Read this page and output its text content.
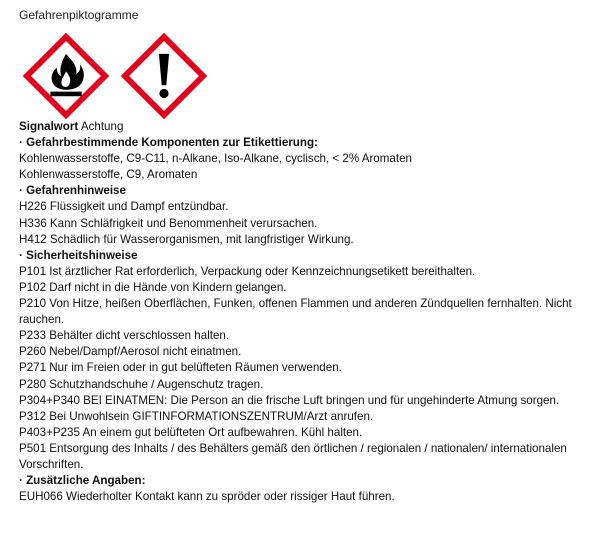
Gefahrenpiktogramme
Signalwort Achtung
· Gefahrbestimmende Komponenten zur Etikettierung:
Kohlenwasserstoffe, C9-C11, n-Alkane, Iso-Alkane, cyclisch, < 2% Aromaten
Kohlenwasserstoffe, C9, Aromaten
· Gefahrenhinweise
H226 Flüssigkeit und Dampf entzündbar.
H336 Kann Schläfrigkeit und Benommenheit verursachen.
H412 Schädlich für Wasserorganismen, mit langfristiger Wirkung.
· Sicherheitshinweise
P101 Ist ärztlicher Rat erforderlich, Verpackung oder Kennzeichnungsetikett bereithalten.
P102 Darf nicht in die Hände von Kindern gelangen.
P210 Von Hitze, heißen Oberflächen, Funken, offenen Flammen und anderen Zündquellen fernhalten. Nicht rauchen.
P233 Behälter dicht verschlossen halten.
P260 Nebel/Dampf/Aerosol nicht einatmen.
P271 Nur im Freien oder in gut belüfteten Räumen verwenden.
P280 Schutzhandschuhe / Augenschutz tragen.
P304+P340 BEI EINATMEN: Die Person an die frische Luft bringen und für ungehinderte Atmung sorgen.
P312 Bei Unwohlsein GIFTINFORMATIONSZENTRUM/Arzt anrufen.
P403+P235 An einem gut belüfteten Ort aufbewahren. Kühl halten.
P501 Entsorgung des Inhalts / des Behälters gemäß den örtlichen / regionalen / nationalen/ internationalen Vorschriften.
· Zusätzliche Angaben:
EUH066 Wiederholter Kontakt kann zu spröder oder rissiger Haut führen.
